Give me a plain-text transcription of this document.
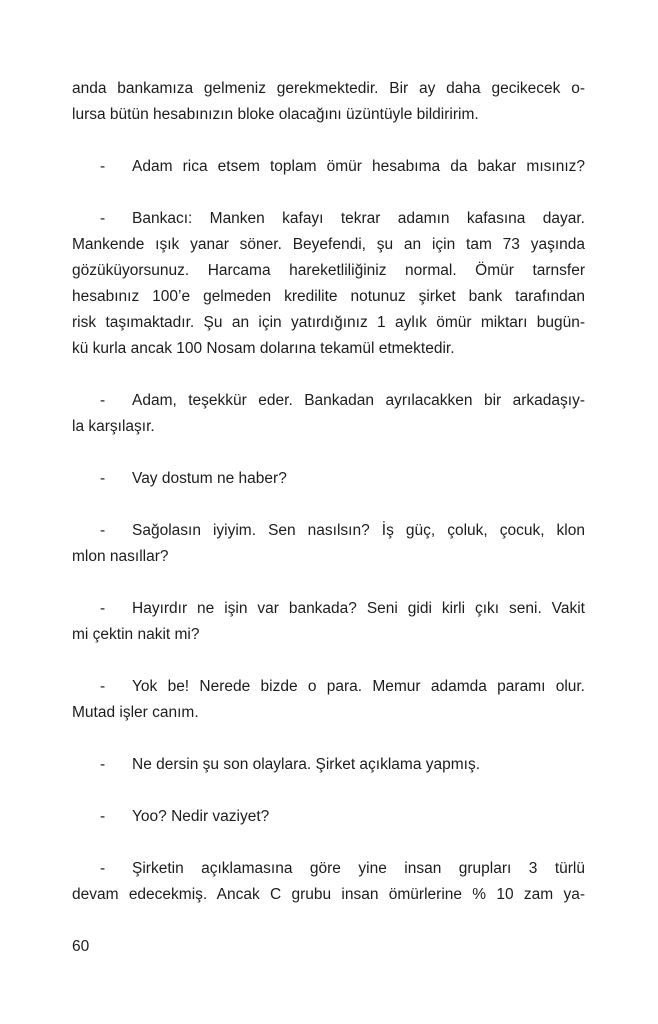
anda bankamıza gelmeniz gerekmektedir. Bir ay daha gecikecek o-
lursa bütün hesabınızın bloke olacağını üzüntüyle bildiririm.

- Adam rica etsem toplam ömür hesabıma da bakar mısınız?

- Bankacı: Manken kafayı tekrar adamın kafasına dayar.
Mankende ışık yanar söner. Beyefendi, şu an için tam 73 yaşında
gözüküyorsunuz. Harcama hareketliliğiniz normal. Ömür tarnsfer
hesabınız 100’e gelmeden kredilite notunuz şirket bank tarafından
risk taşımaktadır. Şu an için yatırdığınız 1 aylık ömür miktarı bugün-
kü kurla ancak 100 Nosam dolarına tekamül etmektedir.

- Adam, teşekkür eder. Bankadan ayrılacakken bir arkadaşıy-
la karşılaşır.

- Vay dostum ne haber?

- Sağolasın iyiyim. Sen nasılsın? İş güç, çoluk, çocuk, klon
mlon nasıllar?

- Hayırdır ne işin var bankada? Seni gidi kirli çıkı seni. Vakit
mi çektin nakit mi?

- Yok be! Nerede bizde o para. Memur adamda paramı olur.
Mutad işler canım.

- Ne dersin şu son olaylara. Şirket açıklama yapmış.

- Yoo? Nedir vaziyet?

- Şirketin açıklamasına göre yine insan grupları 3 türlü
devam edecekmiş. Ancak C grubu insan ömürlerine % 10 zam ya-

60
